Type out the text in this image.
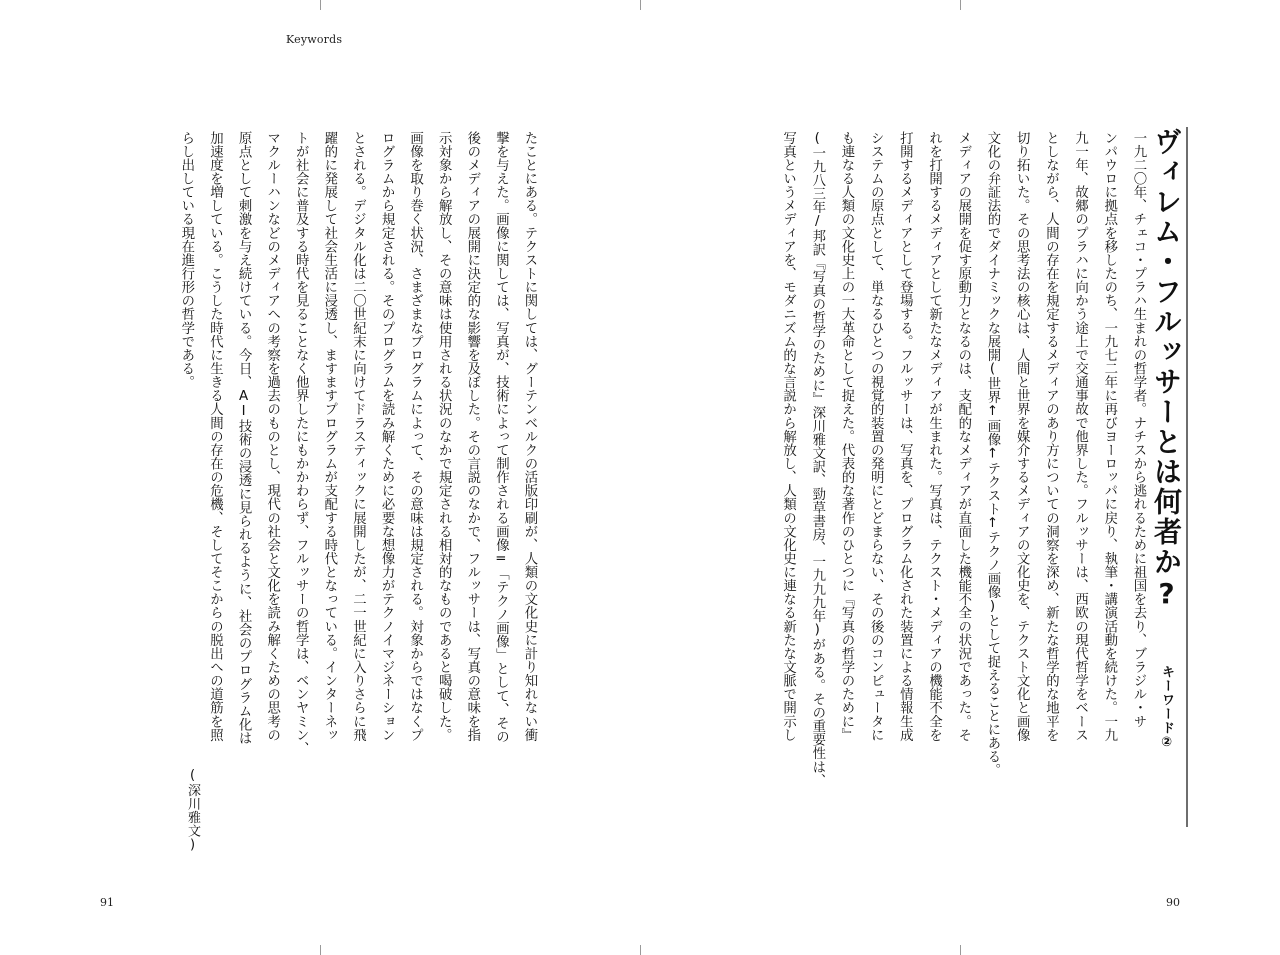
Keywords
ヴィレム・フルッサーとは何者か?
キーワード②
一九二〇年、チェコ・プラハ生まれの哲学者。ナチスから逃れるために祖国を去り、ブラジル・サ
ンパウロに拠点を移したのち、一九七二年に再びヨーロッパに戻り、執筆・講演活動を続けた。一九
九一年、故郷のプラハに向かう途上で交通事故で他界した。フルッサーは、西欧の現代哲学をベース
としながら、人間の存在を規定するメディアのあり方についての洞察を深め、新たな哲学的な地平を
切り拓いた。その思考法の核心は、人間と世界を媒介するメディアの文化史を、テクスト文化と画像
文化の弁証法的でダイナミックな展開(世界↑画像↑テクスト↑テクノ画像)として捉えることにある。
メディアの展開を促す原動力となるのは、支配的なメディアが直面した機能不全の状況であった。そ
れを打開するメディアとして新たなメディアが生まれた。写真は、テクスト・メディアの機能不全を
打開するメディアとして登場する。フルッサーは、写真を、プログラム化された装置による情報生成
システムの原点として、単なるひとつの視覚的装置の発明にとどまらない、その後のコンピュータに
も連なる人類の文化史上の一大革命として捉えた。代表的な著作のひとつに『写真の哲学のために』
(一九八三年/邦訳『写真の哲学のために』深川雅文訳、勁草書房、一九九九年)がある。その重要性は、
写真というメディアを、モダニズム的な言説から解放し、人類の文化史に連なる新たな文脈で開示し
たことにある。テクストに関しては、グーテンベルクの活版印刷が、人類の文化史に計り知れない衝
撃を与えた。画像に関しては、写真が、技術によって制作される画像=「テクノ画像」として、その
後のメディアの展開に決定的な影響を及ぼした。その言説のなかで、フルッサーは、写真の意味を指
示対象から解放し、その意味は使用される状況のなかで規定される相対的なものであると喝破した。
画像を取り巻く状況、さまざまなプログラムによって、その意味は規定される。対象からではなくプ
ログラムから規定される。そのプログラムを読み解くために必要な想像力がテクノイマジネーション
とされる。デジタル化は二〇世紀末に向けてドラスティックに展開したが、二一世紀に入りさらに飛
躍的に発展して社会生活に浸透し、ますますプログラムが支配する時代となっている。インターネッ
トが社会に普及する時代を見ることなく他界したにもかかわらず、フルッサーの哲学は、ベンヤミン、
マクルーハンなどのメディアへの考察を過去のものとし、現代の社会と文化を読み解くための思考の
原点として刺激を与え続けている。今日、AI技術の浸透に見られるように、社会のプログラム化は
加速度を増している。こうした時代に生きる人間の存在の危機、そしてそこからの脱出への道筋を照
らし出している現在進行形の哲学である。
(深川雅文)
91	90
